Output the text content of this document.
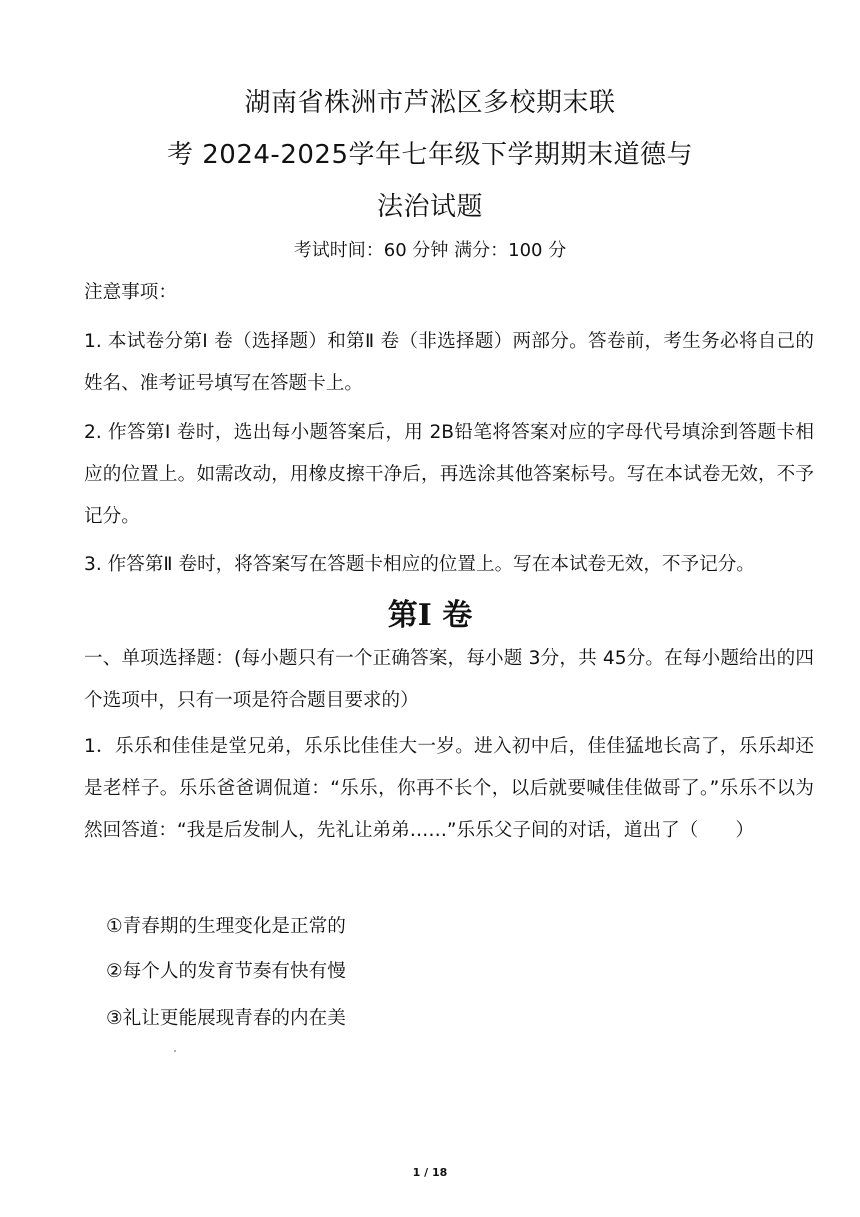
湖南省株洲市芦淞区多校期末联
考 2024-2025学年七年级下学期期末道德与
法治试题
考试时间：60 分钟 满分：100 分

注意事项：

1. 本试卷分第Ⅰ 卷（选择题）和第Ⅱ 卷（非选择题）两部分。答卷前，考生务必将自己的姓名、准考证号填写在答题卡上。

2. 作答第Ⅰ 卷时，选出每小题答案后，用 2B铅笔将答案对应的字母代号填涂到答题卡相应的位置上。如需改动，用橡皮擦干净后，再选涂其他答案标号。写在本试卷无效，不予记分。

3. 作答第Ⅱ 卷时，将答案写在答题卡相应的位置上。写在本试卷无效，不予记分。

第Ⅰ 卷

一、单项选择题：(每小题只有一个正确答案，每小题 3分，共 45分。在每小题给出的四个选项中，只有一项是符合题目要求的）

1．乐乐和佳佳是堂兄弟，乐乐比佳佳大一岁。进入初中后，佳佳猛地长高了，乐乐却还是老样子。乐乐爸爸调侃道：“乐乐，你再不长个，以后就要喊佳佳做哥了。”乐乐不以为然回答道：“我是后发制人，先礼让弟弟……”乐乐父子间的对话，道出了（　　）

①青春期的生理变化是正常的
②每个人的发育节奏有快有慢
③礼让更能展现青春的内在美
1 / 18
